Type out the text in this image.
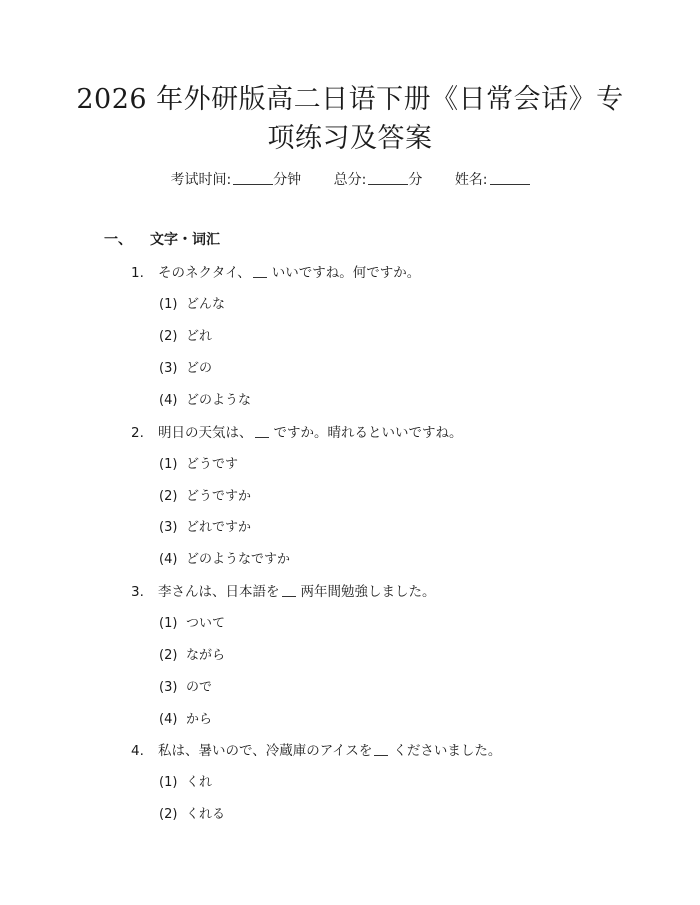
2026 年外研版高二日语下册《日常会话》专
项练习及答案
考试时间:	分钟 总分:	分 姓名:
一、 文字・词汇
1. そのネクタイ、 いいですね。何ですか。
(1) どんな
(2) どれ
(3) どの
(4) どのような
2. 明日の天気は、 ですか。晴れるといいですね。
(1) どうです
(2) どうですか
(3) どれですか
(4) どのようなですか
3. 李さんは、日本語を 两年間勉強しました。
(1) ついて
(2) ながら
(3) ので
(4) から
4. 私は、暑いので、冷蔵庫のアイスを くださいました。
(1) くれ
(2) くれる
